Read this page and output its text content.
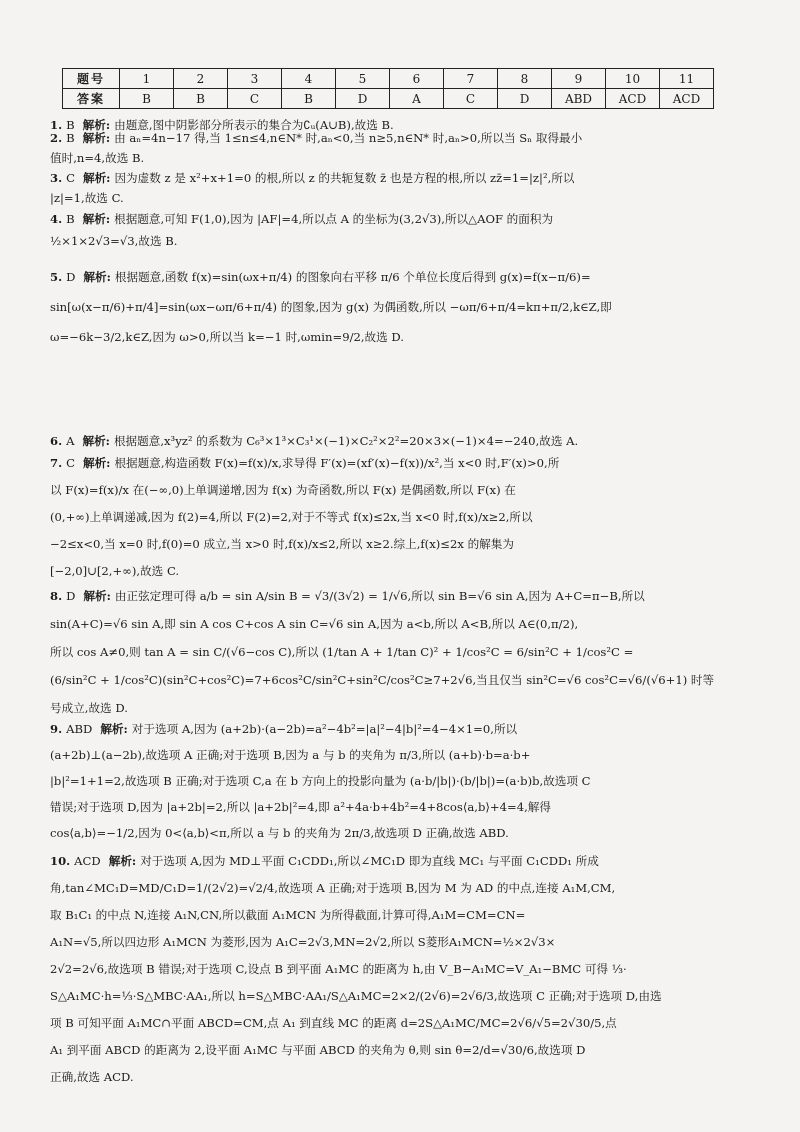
题号	1	2	3	4	5	6	7	8	9	10	11
答案	B	B	C	B	D	A	C	D	ABD	ACD	ACD

1. B 解析: 由题意,图中阴影部分所表示的集合为∁ᵤ(A∪B),故选 B.

2. B 解析: 由 aₙ=4n−17 得,当 1≤n≤4,n∈N* 时,aₙ<0,当 n≥5,n∈N* 时,aₙ>0,所以当 Sₙ 取得最小

值时,n=4,故选 B.

3. C 解析: 因为虚数 z 是 x²+x+1=0 的根,所以 z 的共轭复数 z̄ 也是方程的根,所以 zz̄=1=|z|²,所以

|z|=1,故选 C.

4. B 解析: 根据题意,可知 F(1,0),因为 |AF|=4,所以点 A 的坐标为(3,2√3),所以△AOF 的面积为

½×1×2√3=√3,故选 B.

5. D 解析: 根据题意,函数 f(x)=sin(ωx+π/4) 的图象向右平移 π/6 个单位长度后得到 g(x)=f(x−π/6)=

sin[ω(x−π/6)+π/4]=sin(ωx−ωπ/6+π/4) 的图象,因为 g(x) 为偶函数,所以 −ωπ/6+π/4=kπ+π/2,k∈Z,即

ω=−6k−3/2,k∈Z,因为 ω>0,所以当 k=−1 时,ωmin=9/2,故选 D.

6. A 解析: 根据题意,x³yz² 的系数为 C₆³×1³×C₃¹×(−1)×C₂²×2²=20×3×(−1)×4=−240,故选 A.

7. C 解析: 根据题意,构造函数 F(x)=f(x)/x,求导得 F′(x)=(xf′(x)−f(x))/x²,当 x<0 时,F′(x)>0,所

以 F(x)=f(x)/x 在(−∞,0)上单调递增,因为 f(x) 为奇函数,所以 F(x) 是偶函数,所以 F(x) 在

(0,+∞)上单调递减,因为 f(2)=4,所以 F(2)=2,对于不等式 f(x)≤2x,当 x<0 时,f(x)/x≥2,所以

−2≤x<0,当 x=0 时,f(0)=0 成立,当 x>0 时,f(x)/x≤2,所以 x≥2.综上,f(x)≤2x 的解集为

[−2,0]∪[2,+∞),故选 C.

8. D 解析: 由正弦定理可得 a/b = sin A/sin B = √3/(3√2) = 1/√6,所以 sin B=√6 sin A,因为 A+C=π−B,所以

sin(A+C)=√6 sin A,即 sin A cos C+cos A sin C=√6 sin A,因为 a<b,所以 A<B,所以 A∈(0,π/2),

所以 cos A≠0,则 tan A = sin C/(√6−cos C),所以 (1/tan A + 1/tan C)² + 1/cos²C = 6/sin²C + 1/cos²C =

(6/sin²C + 1/cos²C)(sin²C+cos²C)=7+6cos²C/sin²C+sin²C/cos²C≥7+2√6,当且仅当 sin²C=√6 cos²C=√6/(√6+1) 时等

号成立,故选 D.

9. ABD 解析: 对于选项 A,因为 (a+2b)·(a−2b)=a²−4b²=|a|²−4|b|²=4−4×1=0,所以

(a+2b)⊥(a−2b),故选项 A 正确;对于选项 B,因为 a 与 b 的夹角为 π/3,所以 (a+b)·b=a·b+

|b|²=1+1=2,故选项 B 正确;对于选项 C,a 在 b 方向上的投影向量为 (a·b/|b|)·(b/|b|)=(a·b)b,故选项 C

错误;对于选项 D,因为 |a+2b|=2,所以 |a+2b|²=4,即 a²+4a·b+4b²=4+8cos⟨a,b⟩+4=4,解得

cos⟨a,b⟩=−1/2,因为 0<⟨a,b⟩<π,所以 a 与 b 的夹角为 2π/3,故选项 D 正确,故选 ABD.

10. ACD 解析: 对于选项 A,因为 MD⊥平面 C₁CDD₁,所以∠MC₁D 即为直线 MC₁ 与平面 C₁CDD₁ 所成

角,tan∠MC₁D=MD/C₁D=1/(2√2)=√2/4,故选项 A 正确;对于选项 B,因为 M 为 AD 的中点,连接 A₁M,CM,

取 B₁C₁ 的中点 N,连接 A₁N,CN,所以截面 A₁MCN 为所得截面,计算可得,A₁M=CM=CN=

A₁N=√5,所以四边形 A₁MCN 为菱形,因为 A₁C=2√3,MN=2√2,所以 S菱形A₁MCN=½×2√3×

2√2=2√6,故选项 B 错误;对于选项 C,设点 B 到平面 A₁MC 的距离为 h,由 V_B−A₁MC=V_A₁−BMC 可得 ⅓·

S△A₁MC·h=⅓·S△MBC·AA₁,所以 h=S△MBC·AA₁/S△A₁MC=2×2/(2√6)=2√6/3,故选项 C 正确;对于选项 D,由选

项 B 可知平面 A₁MC∩平面 ABCD=CM,点 A₁ 到直线 MC 的距离 d=2S△A₁MC/MC=2√6/√5=2√30/5,点

A₁ 到平面 ABCD 的距离为 2,设平面 A₁MC 与平面 ABCD 的夹角为 θ,则 sin θ=2/d=√30/6,故选项 D

正确,故选 ACD.
